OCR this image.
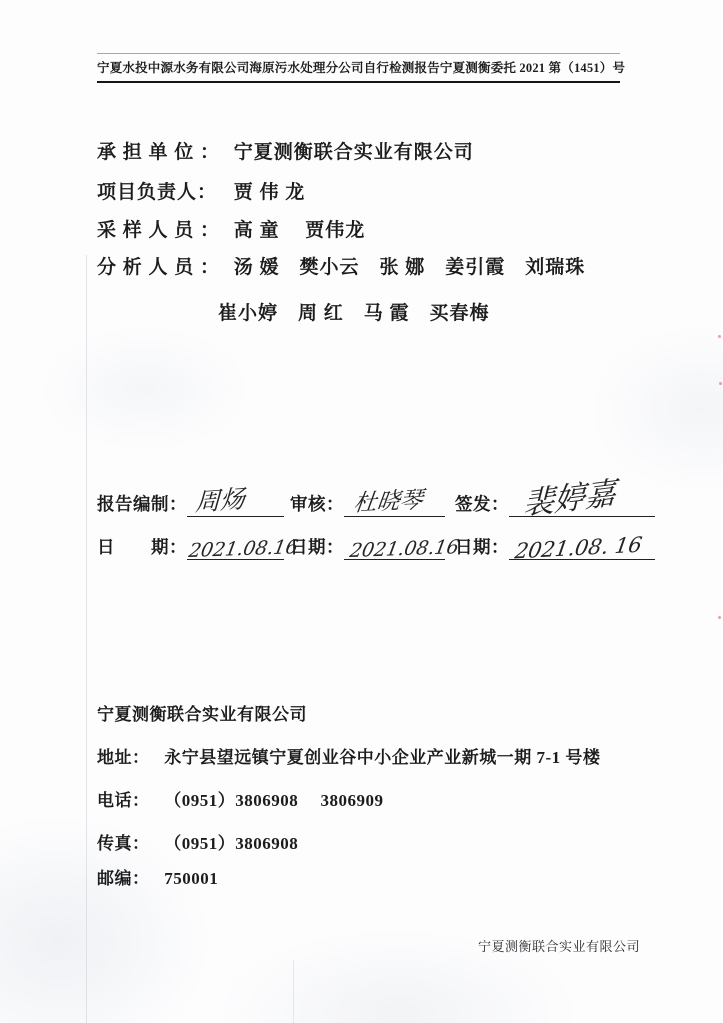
宁夏水投中源水务有限公司海原污水处理分公司自行检测报告 宁夏测衡委托 2021 第（1451）号
承 担 单 位 ： 宁夏测衡联合实业有限公司
项目负责人： 贾 伟 龙
采 样 人 员 ： 高 童　 贾伟龙
分 析 人 员 ： 汤 媛　樊小云　张 娜　姜引霞　刘瑞珠
崔小婷　周 红　马 霞　买春梅
报告编制： 周炀	审核： 杜晓琴 签发： 裴婷嘉
日　　期： 2021.08.16
日期： 2021.08.16
日期： 2021.08. 16
宁夏测衡联合实业有限公司
地址： 永宁县望远镇宁夏创业谷中小企业产业新城一期 7-1 号楼
电话： （0951）3806908　 3806909
传真： （0951）3806908
邮编： 750001
宁夏测衡联合实业有限公司
